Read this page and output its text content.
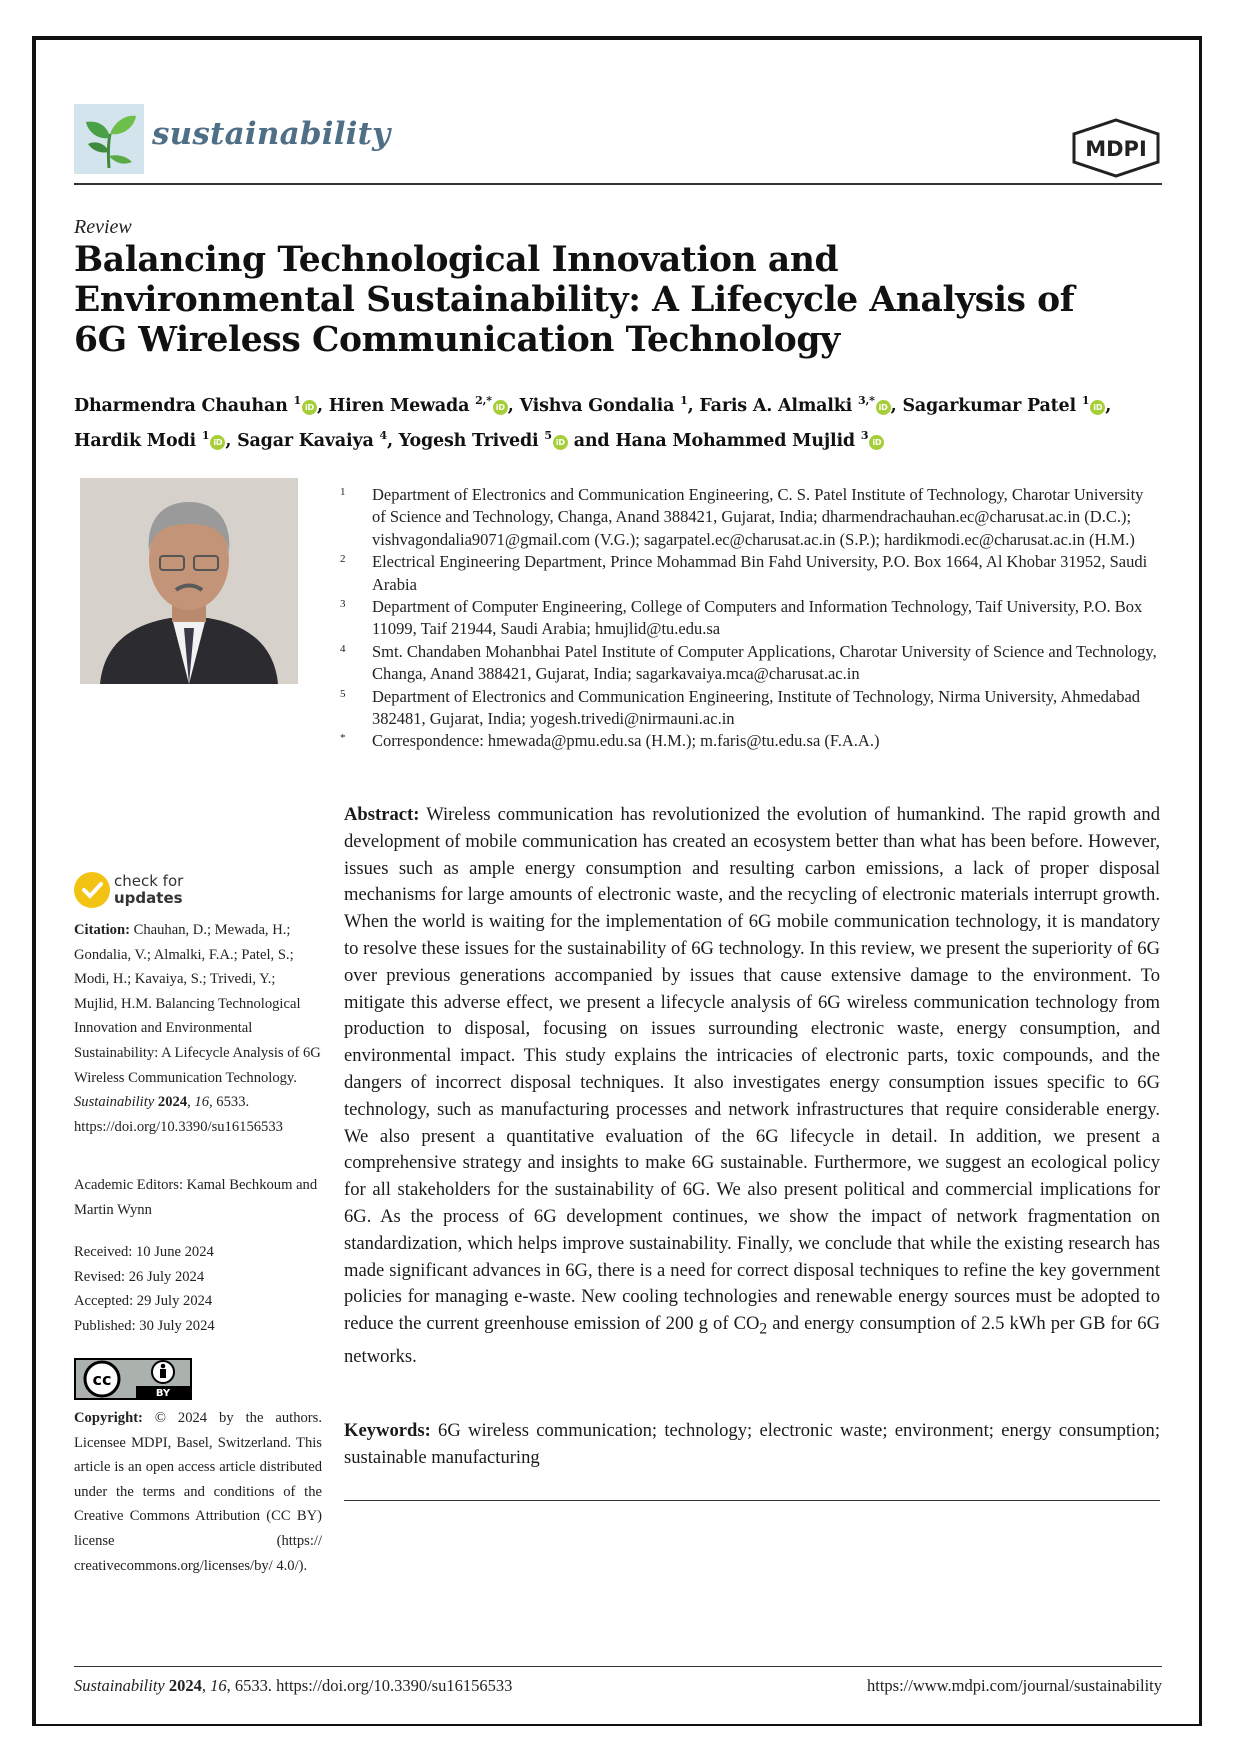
sustainability	MDPI
Review
Balancing Technological Innovation and Environmental Sustainability: A Lifecycle Analysis of 6G Wireless Communication Technology
Dharmendra Chauhan $^1$iD , Hiren Mewada $^{2,*}$iD , Vishva Gondalia $^1$, Faris A. Almalki $^{3,*}$iD , Sagarkumar Patel $^1$iD , Hardik Modi $^1$iD , Sagar Kavaiya $^4$, Yogesh Trivedi $^5$iD and Hana Mohammed Mujlid $^3$iD
1	Department of Electronics and Communication Engineering, C. S. Patel Institute of Technology, Charotar University of Science and Technology, Changa, Anand 388421, Gujarat, India; dharmendrachauhan.ec@charusat.ac.in (D.C.); vishvagondalia9071@gmail.com (V.G.); sagarpatel.ec@charusat.ac.in (S.P.); hardikmodi.ec@charusat.ac.in (H.M.)
2	Electrical Engineering Department, Prince Mohammad Bin Fahd University, P.O. Box 1664, Al Khobar 31952, Saudi Arabia
3	Department of Computer Engineering, College of Computers and Information Technology, Taif University, P.O. Box 11099, Taif 21944, Saudi Arabia; hmujlid@tu.edu.sa
4	Smt. Chandaben Mohanbhai Patel Institute of Computer Applications, Charotar University of Science and Technology, Changa, Anand 388421, Gujarat, India; sagarkavaiya.mca@charusat.ac.in
5	Department of Electronics and Communication Engineering, Institute of Technology, Nirma University, Ahmedabad 382481, Gujarat, India; yogesh.trivedi@nirmauni.ac.in
*	Correspondence: hmewada@pmu.edu.sa (H.M.); m.faris@tu.edu.sa (F.A.A.)

Abstract: Wireless communication has revolutionized the evolution of humankind. The rapid growth and development of mobile communication has created an ecosystem better than what has been before. However, issues such as ample energy consumption and resulting carbon emissions, a lack of proper disposal mechanisms for large amounts of electronic waste, and the recycling of electronic materials interrupt growth. When the world is waiting for the implementation of 6G mobile communication technology, it is mandatory to resolve these issues for the sustainability of 6G technology. In this review, we present the superiority of 6G over previous generations accompanied by issues that cause extensive damage to the environment. To mitigate this adverse effect, we present a lifecycle analysis of 6G wireless communication technology from production to disposal, focusing on issues surrounding electronic waste, energy consumption, and environmental impact. This study explains the intricacies of electronic parts, toxic compounds, and the dangers of incorrect disposal techniques. It also investigates energy consumption issues specific to 6G technology, such as manufacturing processes and network infrastructures that require considerable energy. We also present a quantitative evaluation of the 6G lifecycle in detail. In addition, we present a comprehensive strategy and insights to make 6G sustainable. Furthermore, we suggest an ecological policy for all stakeholders for the sustainability of 6G. We also present political and commercial implications for 6G. As the process of 6G development continues, we show the impact of network fragmentation on standardization, which helps improve sustainability. Finally, we conclude that while the existing research has made significant advances in 6G, there is a need for correct disposal techniques to refine the key government policies for managing e-waste. New cooling technologies and renewable energy sources must be adopted to reduce the current greenhouse emission of 200 g of $CO_2$ and energy consumption of 2.5 kWh per GB for 6G networks.

Keywords: 6G wireless communication; technology; electronic waste; environment; energy consumption; sustainable manufacturing

check for
updates
Citation: Chauhan, D.; Mewada, H.; Gondalia, V.; Almalki, F.A.; Patel, S.; Modi, H.; Kavaiya, S.; Trivedi, Y.; Mujlid, H.M. Balancing Technological Innovation and Environmental Sustainability: A Lifecycle Analysis of 6G Wireless Communication Technology. Sustainability 2024, 16, 6533. https://doi.org/10.3390/su16156533
Academic Editors: Kamal Bechkoum and Martin Wynn
Received: 10 June 2024
Revised: 26 July 2024
Accepted: 29 July 2024
Published: 30 July 2024
cc
BY
Copyright: © 2024 by the authors. Licensee MDPI, Basel, Switzerland. This article is an open access article distributed under the terms and conditions of the Creative Commons Attribution (CC BY) license (https:// creativecommons.org/licenses/by/ 4.0/).
Sustainability 2024, 16, 6533. https://doi.org/10.3390/su16156533	https://www.mdpi.com/journal/sustainability
